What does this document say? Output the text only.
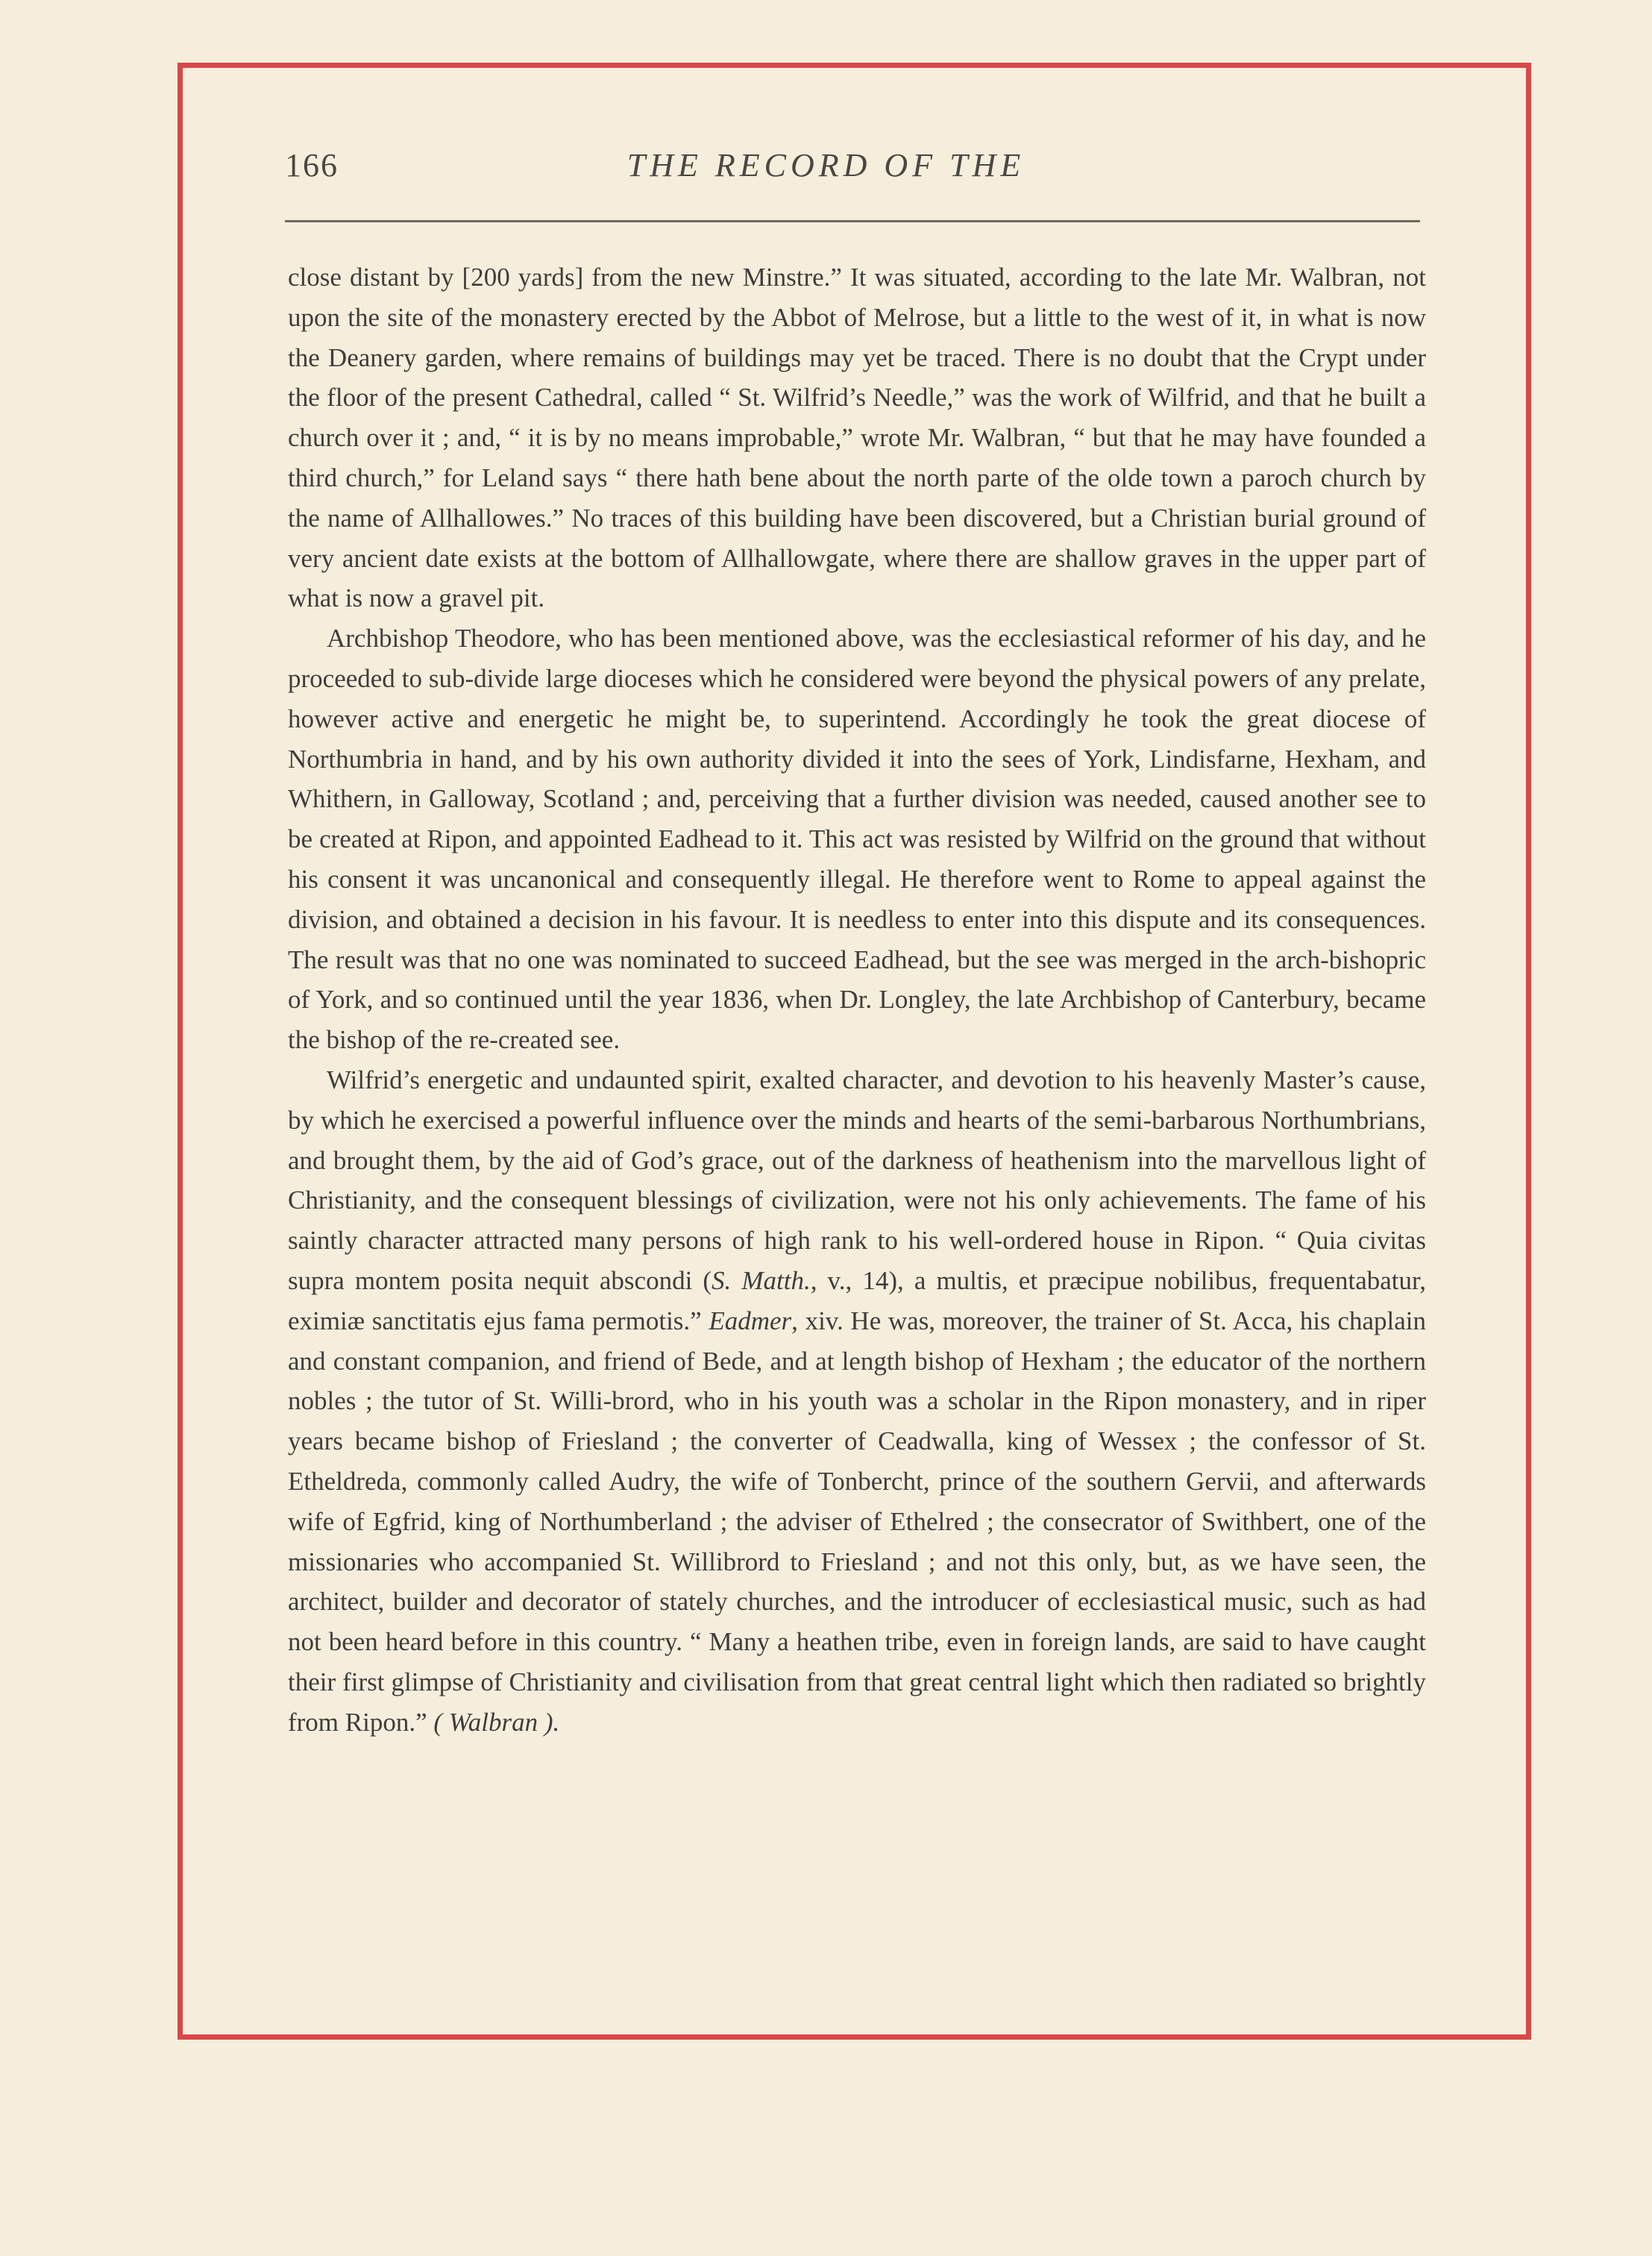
166	THE RECORD OF THE

close distant by [200 yards] from the new Minstre.” It was situated, according to the late Mr. Walbran, not upon the site of the monastery erected by the Abbot of Melrose, but a little to the west of it, in what is now the Deanery garden, where remains of buildings may yet be traced. There is no doubt that the Crypt under the floor of the present Cathedral, called “ St. Wilfrid’s Needle,” was the work of Wilfrid, and that he built a church over it ; and, “ it is by no means improbable,” wrote Mr. Walbran, “ but that he may have founded a third church,” for Leland says “ there hath bene about the north parte of the olde town a paroch church by the name of Allhallowes.” No traces of this building have been discovered, but a Christian burial ground of very ancient date exists at the bottom of Allhallowgate, where there are shallow graves in the upper part of what is now a gravel pit.

Archbishop Theodore, who has been mentioned above, was the ecclesiastical reformer of his day, and he proceeded to sub-divide large dioceses which he considered were beyond the physical powers of any prelate, however active and energetic he might be, to superintend. Accordingly he took the great diocese of Northumbria in hand, and by his own authority divided it into the sees of York, Lindisfarne, Hexham, and Whithern, in Galloway, Scotland ; and, perceiving that a further division was needed, caused another see to be created at Ripon, and appointed Eadhead to it. This act was resisted by Wilfrid on the ground that without his consent it was uncanonical and consequently illegal. He therefore went to Rome to appeal against the division, and obtained a decision in his favour. It is needless to enter into this dispute and its consequences. The result was that no one was nominated to succeed Eadhead, but the see was merged in the arch-bishopric of York, and so continued until the year 1836, when Dr. Longley, the late Archbishop of Canterbury, became the bishop of the re-created see.

Wilfrid’s energetic and undaunted spirit, exalted character, and devotion to his heavenly Master’s cause, by which he exercised a powerful influence over the minds and hearts of the semi-barbarous Northumbrians, and brought them, by the aid of God’s grace, out of the darkness of heathenism into the marvellous light of Christianity, and the consequent blessings of civilization, were not his only achievements. The fame of his saintly character attracted many persons of high rank to his well-ordered house in Ripon. “ Quia civitas supra montem posita nequit abscondi (S. Matth., v., 14), a multis, et præcipue nobilibus, frequentabatur, eximiæ sanctitatis ejus fama permotis.” Eadmer, xiv. He was, moreover, the trainer of St. Acca, his chaplain and constant companion, and friend of Bede, and at length bishop of Hexham ; the educator of the northern nobles ; the tutor of St. Willi-brord, who in his youth was a scholar in the Ripon monastery, and in riper years became bishop of Friesland ; the converter of Ceadwalla, king of Wessex ; the confessor of St. Etheldreda, commonly called Audry, the wife of Tonbercht, prince of the southern Gervii, and afterwards wife of Egfrid, king of Northumberland ; the adviser of Ethelred ; the consecrator of Swithbert, one of the missionaries who accompanied St. Willibrord to Friesland ; and not this only, but, as we have seen, the architect, builder and decorator of stately churches, and the introducer of ecclesiastical music, such as had not been heard before in this country. “ Many a heathen tribe, even in foreign lands, are said to have caught their first glimpse of Christianity and civilisation from that great central light which then radiated so brightly from Ripon.” ( Walbran ).
